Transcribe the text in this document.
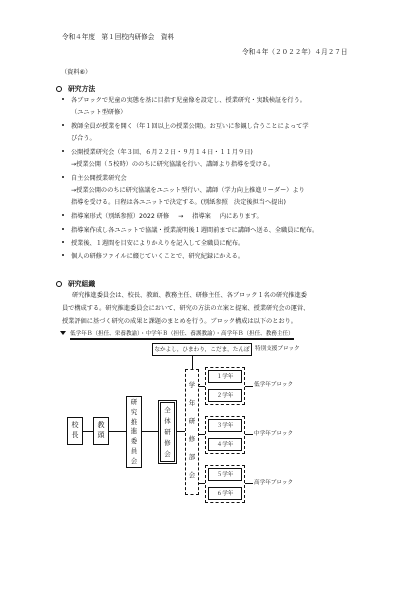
令和４年度　第１回校内研修会　資料
令和４年（２０２２年）４月２７日
（資料⑥）
研究方法
各ブロックで児童の実態を基に目指す児童像を設定し、授業研究・実践検証を行う。
（ユニット型研修）
教師全員が授業を開く（年１回以上の授業公開)。お互いに参観し合うことによって学
び合う。
公開授業研究会（年３回、６月２２日・９月１４日・１１月９日)
→授業公開（５校時）ののちに研究協議を行い、講師より指導を受ける。
自主公開授業研究会
→授業公開ののちに研究協議をユニット型行い、講師（学力向上推進リーダー）より
指導を受ける。日程は各ユニットで決定する。(別紙参照　決定後担当へ提出)
指導案形式（別紙参照）2022 研修 → 指導案 内にあります。
指導案作成し各ユニットで協議・授業説明後１週間前までに講師へ送る、全職員に配布。
授業後、１週間を目安によりかえりを記入して全職員に配布。
個人の研修ファイルに綴じていくことで、研究紀録にかえる。
研究組織
研究推進委員会は、校長、教頭、教務主任、研修主任、各ブロック１名の研究推進委
員で構成する。研究推進委員会において、研究の方法の立案と提案、授業研究会の運営、
授業評価に基づく研究の成果と課題のまとめを行う。ブロック構成は以下のとおり。
低学年Ｂ（担任、栄養教諭）・中学年Ｂ（担任、養護教諭）・高学年Ｂ（担任、教務主任）
なかよし，ひまわり，こだま，たんぽ 特別支援ブロック
校
長
教
頭
研
究
推
進
委
員
会
全
体
研
修
会
学
年
研
修
部
会
１学年
２学年
低学年ブロック
３学年
４学年
中学年ブロック
５学年
６学年
高学年ブロック
